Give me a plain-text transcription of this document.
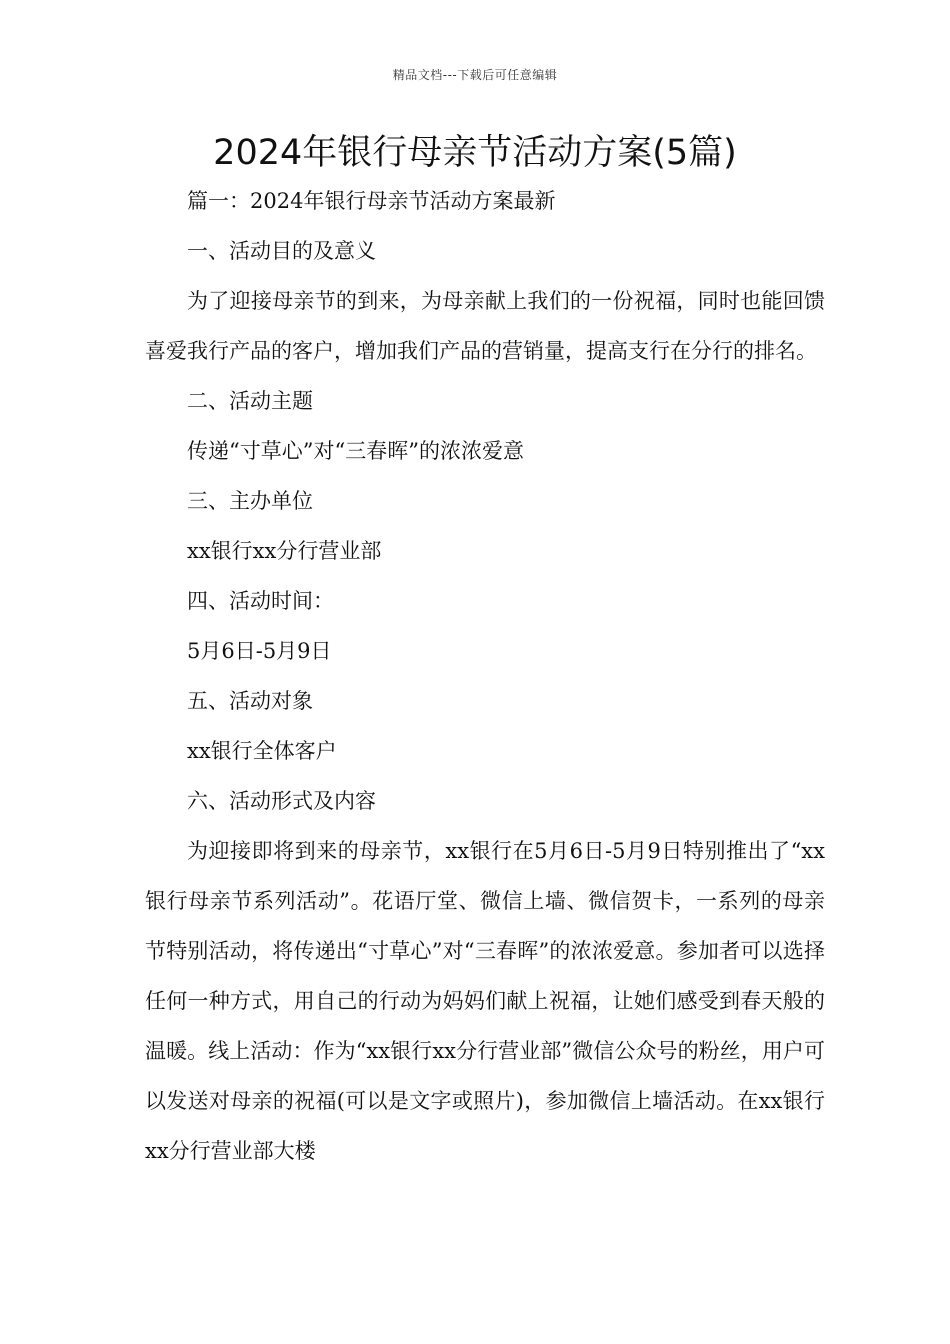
精品文档---下载后可任意编辑
2024年银行母亲节活动方案(5篇)

篇一：2024年银行母亲节活动方案最新

一、活动目的及意义

为了迎接母亲节的到来，为母亲献上我们的一份祝福，同时也能回馈喜爱我行产品的客户，增加我们产品的营销量，提高支行在分行的排名。

二、活动主题

传递“寸草心”对“三春晖”的浓浓爱意

三、主办单位

xx银行xx分行营业部

四、活动时间：

5月6日-5月9日

五、活动对象

xx银行全体客户

六、活动形式及内容

为迎接即将到来的母亲节，xx银行在5月6日-5月9日特别推出了“xx银行母亲节系列活动”。花语厅堂、微信上墙、微信贺卡，一系列的母亲节特别活动，将传递出“寸草心”对“三春晖”的浓浓爱意。参加者可以选择任何一种方式，用自己的行动为妈妈们献上祝福，让她们感受到春天般的温暖。线上活动：作为“xx银行xx分行营业部”微信公众号的粉丝，用户可以发送对母亲的祝福(可以是文字或照片)，参加微信上墙活动。在xx银行xx分行营业部大楼
